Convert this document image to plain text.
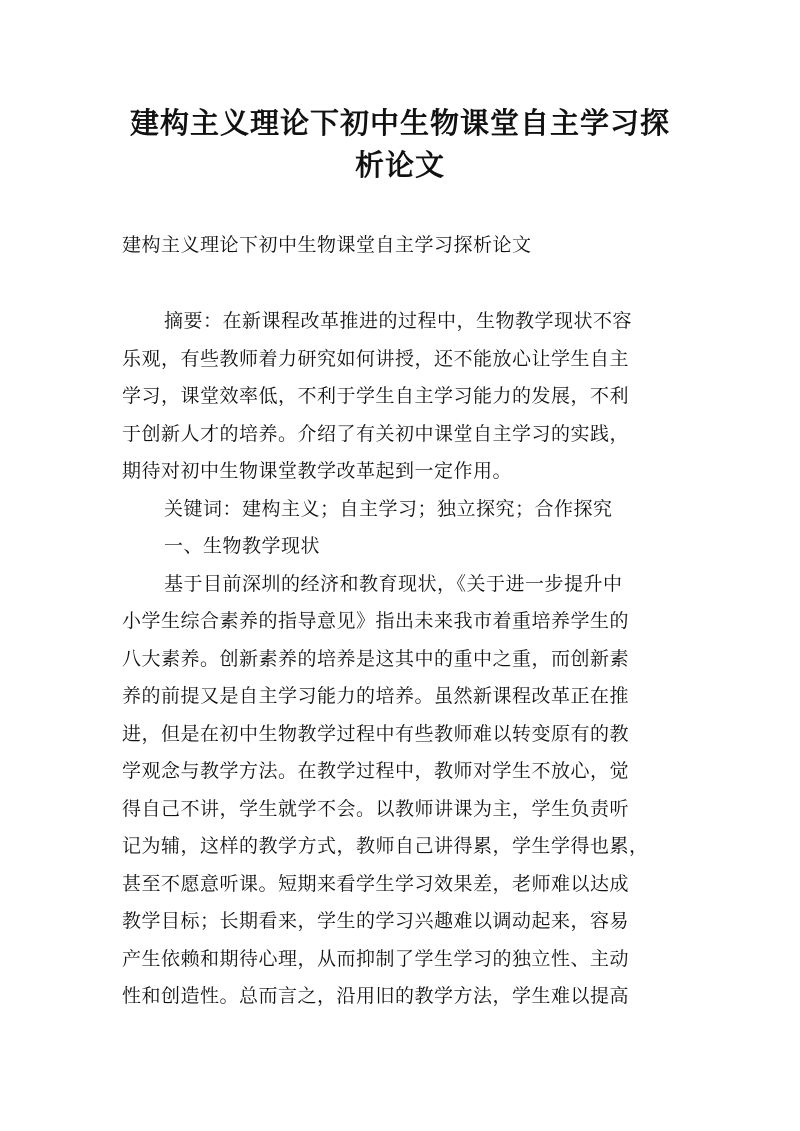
建构主义理论下初中生物课堂自主学习探
析论文
建构主义理论下初中生物课堂自主学习探析论文
摘要：在新课程改革推进的过程中，生物教学现状不容
乐观，有些教师着力研究如何讲授，还不能放心让学生自主
学习，课堂效率低，不利于学生自主学习能力的发展，不利
于创新人才的培养。介绍了有关初中课堂自主学习的实践，
期待对初中生物课堂教学改革起到一定作用。
关键词：建构主义；自主学习；独立探究；合作探究
一、生物教学现状
基于目前深圳的经济和教育现状，《关于进一步提升中
小学生综合素养的指导意见》指出未来我市着重培养学生的
八大素养。创新素养的培养是这其中的重中之重，而创新素
养的前提又是自主学习能力的培养。虽然新课程改革正在推
进，但是在初中生物教学过程中有些教师难以转变原有的教
学观念与教学方法。在教学过程中，教师对学生不放心，觉
得自己不讲，学生就学不会。以教师讲课为主，学生负责听
记为辅，这样的教学方式，教师自己讲得累，学生学得也累，
甚至不愿意听课。短期来看学生学习效果差，老师难以达成
教学目标；长期看来，学生的学习兴趣难以调动起来，容易
产生依赖和期待心理，从而抑制了学生学习的独立性、主动
性和创造性。总而言之，沿用旧的教学方法，学生难以提高
